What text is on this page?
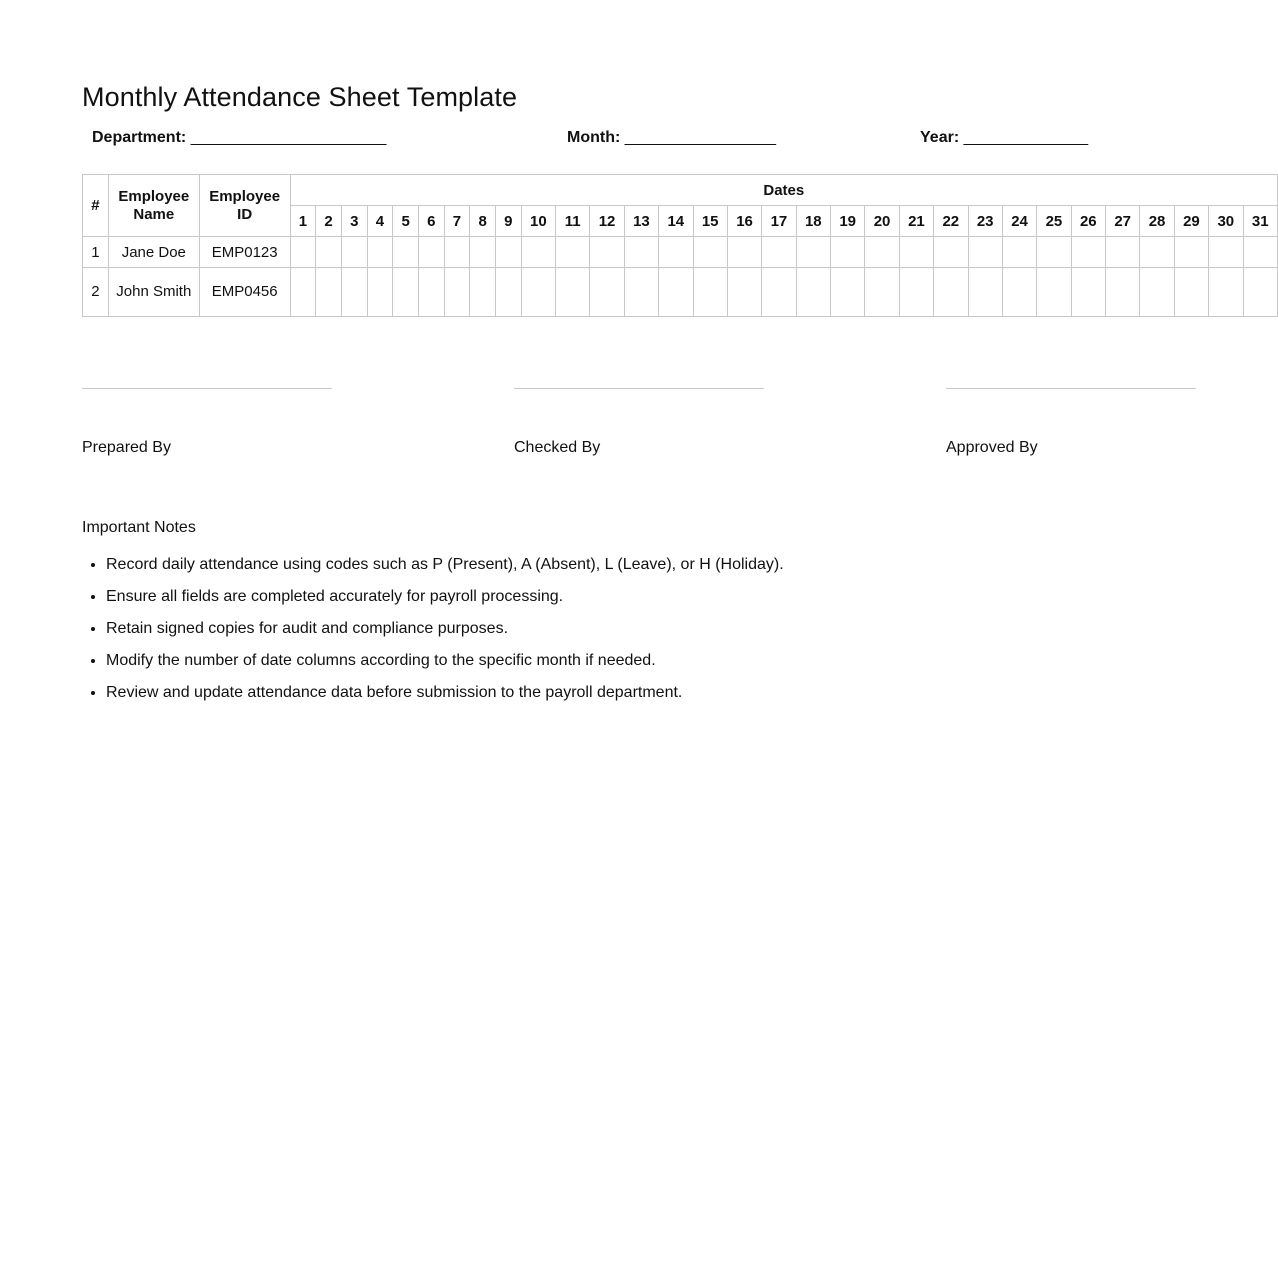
Monthly Attendance Sheet Template
Department: ______________________	Month: _________________	Year: ______________
#	Employee Name	Employee ID	Dates																														
			1	2	3	4	5	6	7	8	9	10	11	12	13	14	15	16	17	18	19	20	21	22	23	24	25	26	27	28	29	30	31
1	Jane Doe	EMP0123																															
2	John Smith	EMP0456																															
Prepared By	Checked By	Approved By
Important Notes
• Record daily attendance using codes such as P (Present), A (Absent), L (Leave), or H (Holiday).
• Ensure all fields are completed accurately for payroll processing.
• Retain signed copies for audit and compliance purposes.
• Modify the number of date columns according to the specific month if needed.
• Review and update attendance data before submission to the payroll department.
